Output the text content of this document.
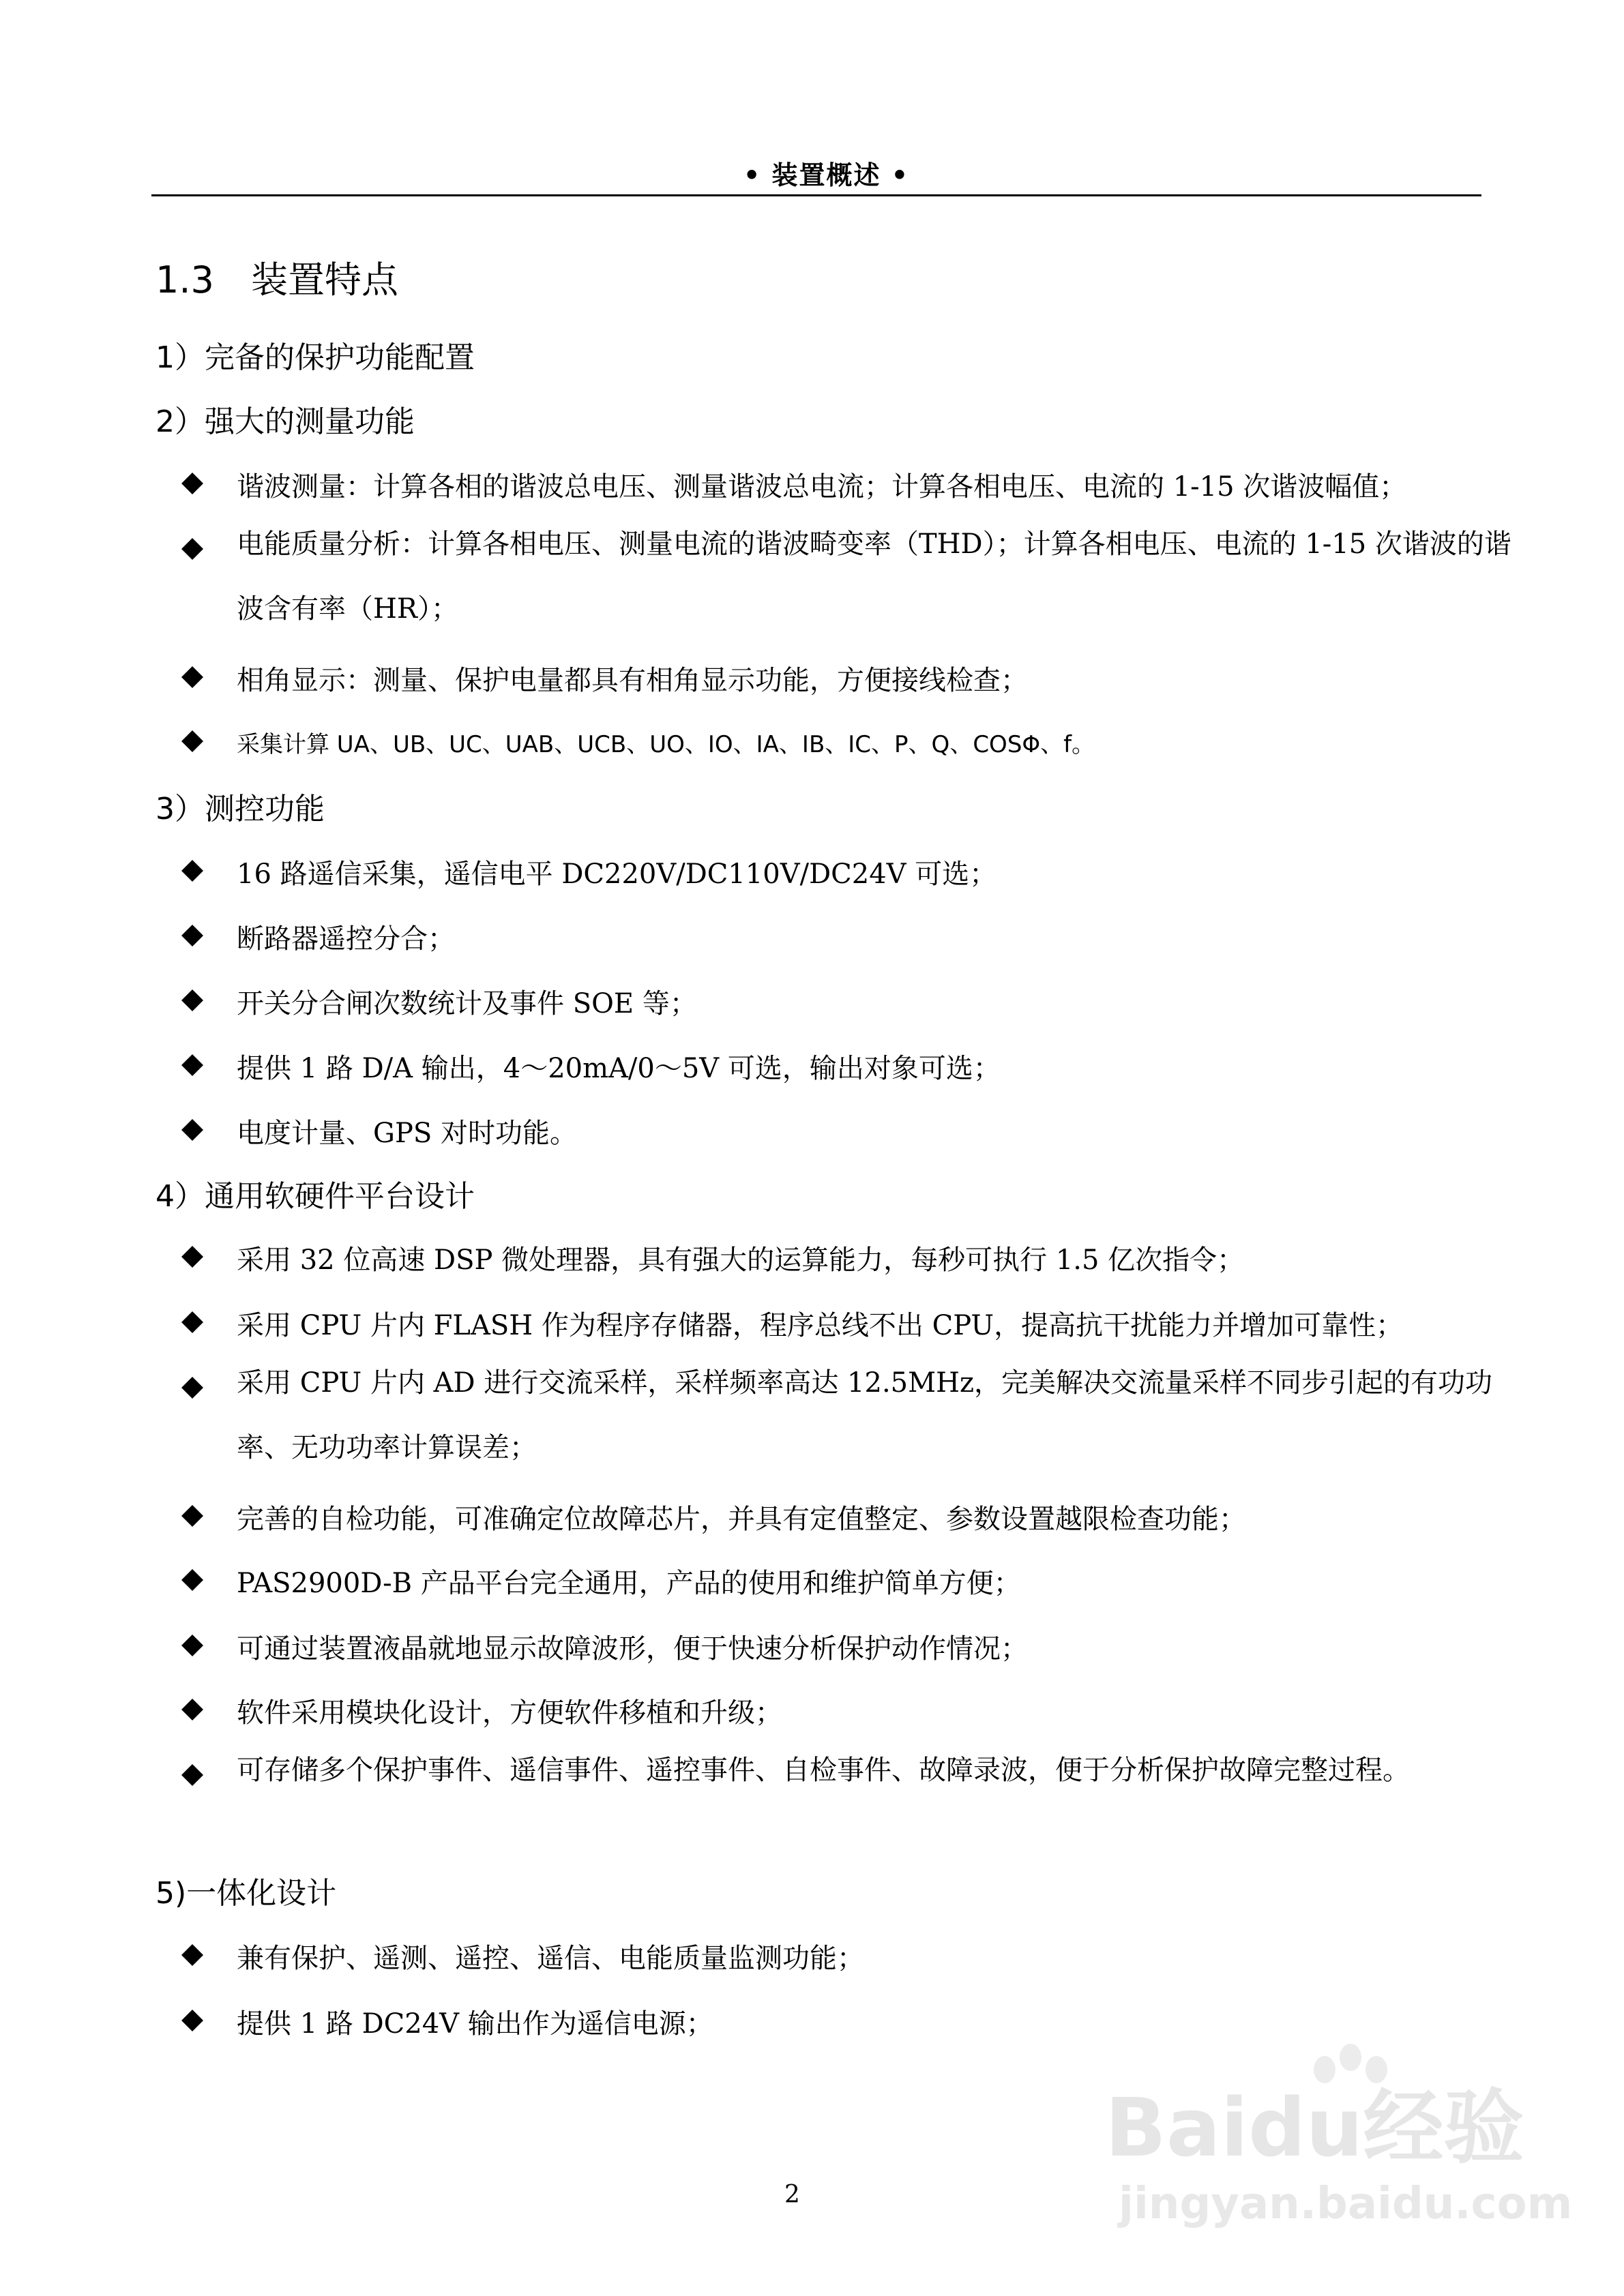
• 装置概述 •
1.3 装置特点
1）完备的保护功能配置
2）强大的测量功能
谐波测量：计算各相的谐波总电压、测量谐波总电流；计算各相电压、电流的 1-15 次谐波幅值；
电能质量分析：计算各相电压、测量电流的谐波畸变率（THD）；计算各相电压、电流的 1-15 次谐波的谐波含有率（HR）；
相角显示：测量、保护电量都具有相角显示功能，方便接线检查；
采集计算 UA、UB、UC、UAB、UCB、UO、IO、IA、IB、IC、P、Q、COSΦ、f。
3）测控功能
16 路遥信采集，遥信电平 DC220V/DC110V/DC24V 可选；
断路器遥控分合；
开关分合闸次数统计及事件 SOE 等；
提供 1 路 D/A 输出，4～20mA/0～5V 可选，输出对象可选；
电度计量、GPS 对时功能。
4）通用软硬件平台设计
采用 32 位高速 DSP 微处理器，具有强大的运算能力，每秒可执行 1.5 亿次指令；
采用 CPU 片内 FLASH 作为程序存储器，程序总线不出 CPU，提高抗干扰能力并增加可靠性；
采用 CPU 片内 AD 进行交流采样，采样频率高达 12.5MHz，完美解决交流量采样不同步引起的有功功率、无功功率计算误差；
完善的自检功能，可准确定位故障芯片，并具有定值整定、参数设置越限检查功能；
PAS2900D-B 产品平台完全通用，产品的使用和维护简单方便；
可通过装置液晶就地显示故障波形，便于快速分析保护动作情况；
软件采用模块化设计，方便软件移植和升级；
可存储多个保护事件、遥信事件、遥控事件、自检事件、故障录波，便于分析保护故障完整过程。
5)一体化设计
兼有保护、遥测、遥控、遥信、电能质量监测功能；
提供 1 路 DC24V 输出作为遥信电源；
2
Baidu经验
jingyan.baidu.com
